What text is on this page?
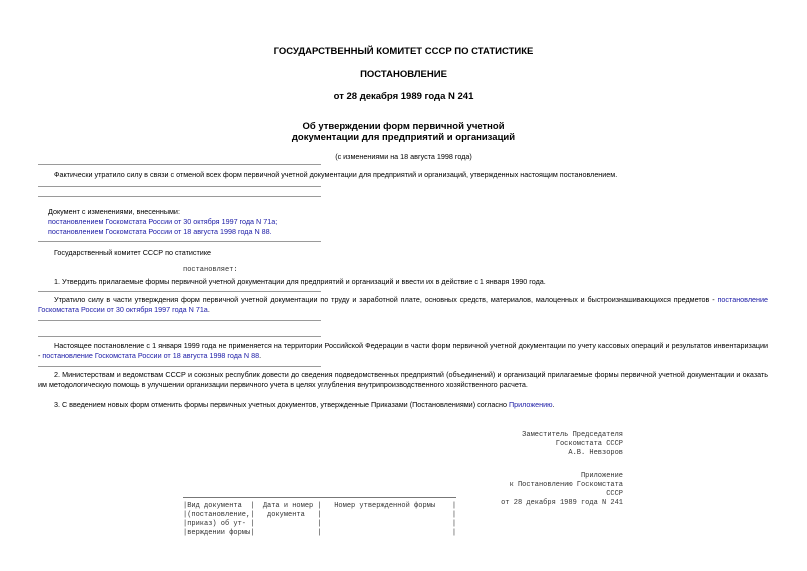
ГОСУДАРСТВЕННЫЙ КОМИТЕТ СССР ПО СТАТИСТИКЕ
ПОСТАНОВЛЕНИЕ
от 28 декабря 1989 года N 241
Об утверждении форм первичной учетной
документации для предприятий и организаций
(с изменениями на 18 августа 1998 года)
Фактически утратило силу в связи с отменой всех форм первичной учетной документации для предприятий и организаций, утвержденных настоящим постановлением.
Документ с изменениями, внесенными:
постановлением Госкомстата России от 30 октября 1997 года N 71а;
постановлением Госкомстата России от 18 августа 1998 года N 88.
Государственный комитет СССР по статистике
постановляет:
1. Утвердить прилагаемые формы первичной учетной документации для предприятий и организаций и ввести их в действие с 1 января 1990 года.
Утратило силу в части утверждения форм первичной учетной документации по труду и заработной плате, основных средств, материалов, малоценных и быстроизнашивающихся предметов - постановление Госкомстата России от 30 октября 1997 года N 71а.
Настоящее постановление с 1 января 1999 года не применяется на территории Российской Федерации в части форм первичной учетной документации по учету кассовых операций и результатов инвентаризации - постановление Госкомстата России от 18 августа 1998 года N 88.
2. Министерствам и ведомствам СССР и союзных республик довести до сведения подведомственных предприятий (объединений) и организаций прилагаемые формы первичной учетной документации и оказать им методологическую помощь в улучшении организации первичного учета в целях углубления внутрипроизводственного хозяйственного расчета.
3. С введением новых форм отменить формы первичных учетных документов, утвержденные Приказами (Постановлениями) согласно Приложению.
Заместитель Председателя
Госкомстата СССР
А.В. Невзоров
Приложение
к Постановлению Госкомстата
СССР
от 28 декабря 1989 года N 241
|Вид документа  |  Дата и номер |   Номер утвержденной формы    |
|(постановление,|   документа   |                               |
|приказ) об ут- |               |                               |
|верждении формы|               |                               |
